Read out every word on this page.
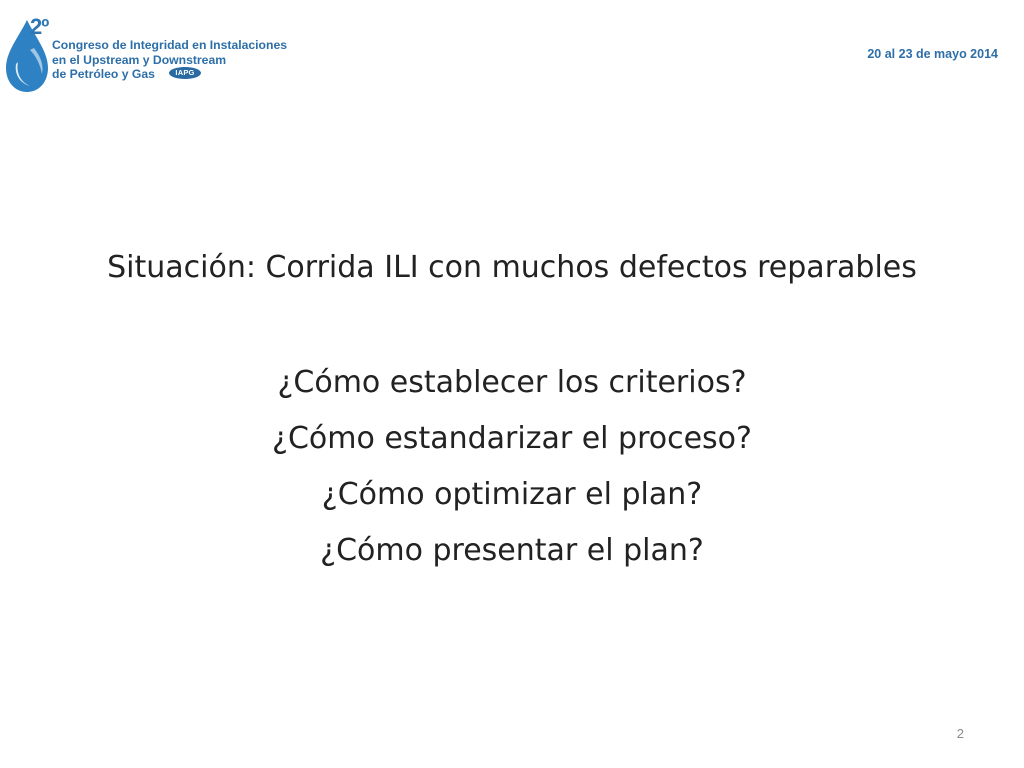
2º
Congreso de Integridad en Instalaciones
en el Upstream y Downstream
de Petróleo y Gas	IAPG
20 al 23 de mayo 2014
Situación: Corrida ILI con muchos defectos reparables
¿Cómo establecer los criterios?
¿Cómo estandarizar el proceso?
¿Cómo optimizar el plan?
¿Cómo presentar el plan?
2
